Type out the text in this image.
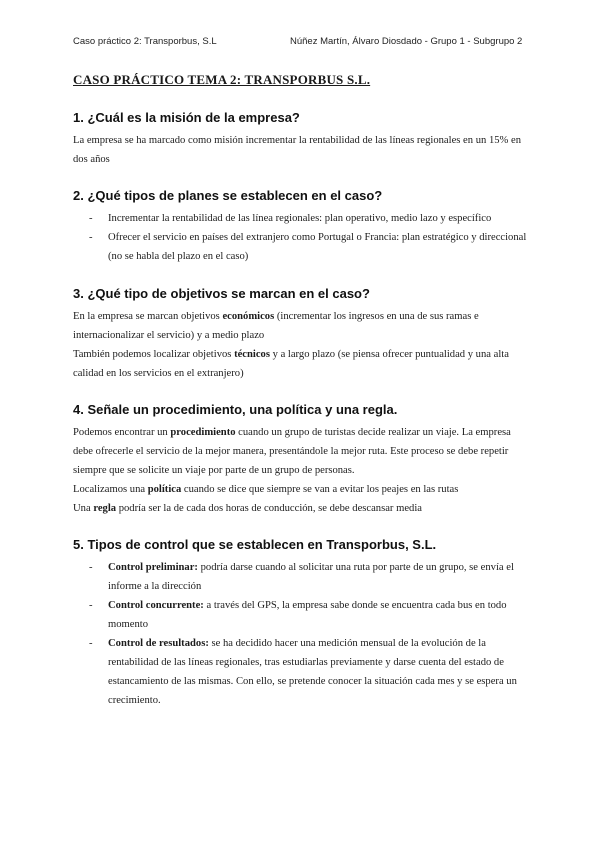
Caso práctico 2: Transporbus, S.L	Núñez Martín, Álvaro Diosdado - Grupo 1 - Subgrupo 2
CASO PRÁCTICO TEMA 2: TRANSPORBUS S.L.
1. ¿Cuál es la misión de la empresa?

La empresa se ha marcado como misión incrementar la rentabilidad de las líneas regionales en un 15% en dos años

2. ¿Qué tipos de planes se establecen en el caso?
- Incrementar la rentabilidad de las línea regionales: plan operativo, medio lazo y específico
- Ofrecer el servicio en países del extranjero como Portugal o Francia: plan estratégico y direccional (no se habla del plazo en el caso)
3. ¿Qué tipo de objetivos se marcan en el caso?

En la empresa se marcan objetivos económicos (incrementar los ingresos en una de sus ramas e internacionalizar el servicio) y a medio plazo

También podemos localizar objetivos técnicos y a largo plazo (se piensa ofrecer puntualidad y una alta calidad en los servicios en el extranjero)

4. Señale un procedimiento, una política y una regla.

Podemos encontrar un procedimiento cuando un grupo de turistas decide realizar un viaje. La empresa debe ofrecerle el servicio de la mejor manera, presentándole la mejor ruta. Este proceso se debe repetir siempre que se solicite un viaje por parte de un grupo de personas.

Localizamos una política cuando se dice que siempre se van a evitar los peajes en las rutas

Una regla podría ser la de cada dos horas de conducción, se debe descansar media

5. Tipos de control que se establecen en Transporbus, S.L.
- Control preliminar: podría darse cuando al solicitar una ruta por parte de un grupo, se envía el informe a la dirección
- Control concurrente: a través del GPS, la empresa sabe donde se encuentra cada bus en todo momento
- Control de resultados: se ha decidido hacer una medición mensual de la evolución de la rentabilidad de las líneas regionales, tras estudiarlas previamente y darse cuenta del estado de estancamiento de las mismas. Con ello, se pretende conocer la situación cada mes y se espera un crecimiento.
